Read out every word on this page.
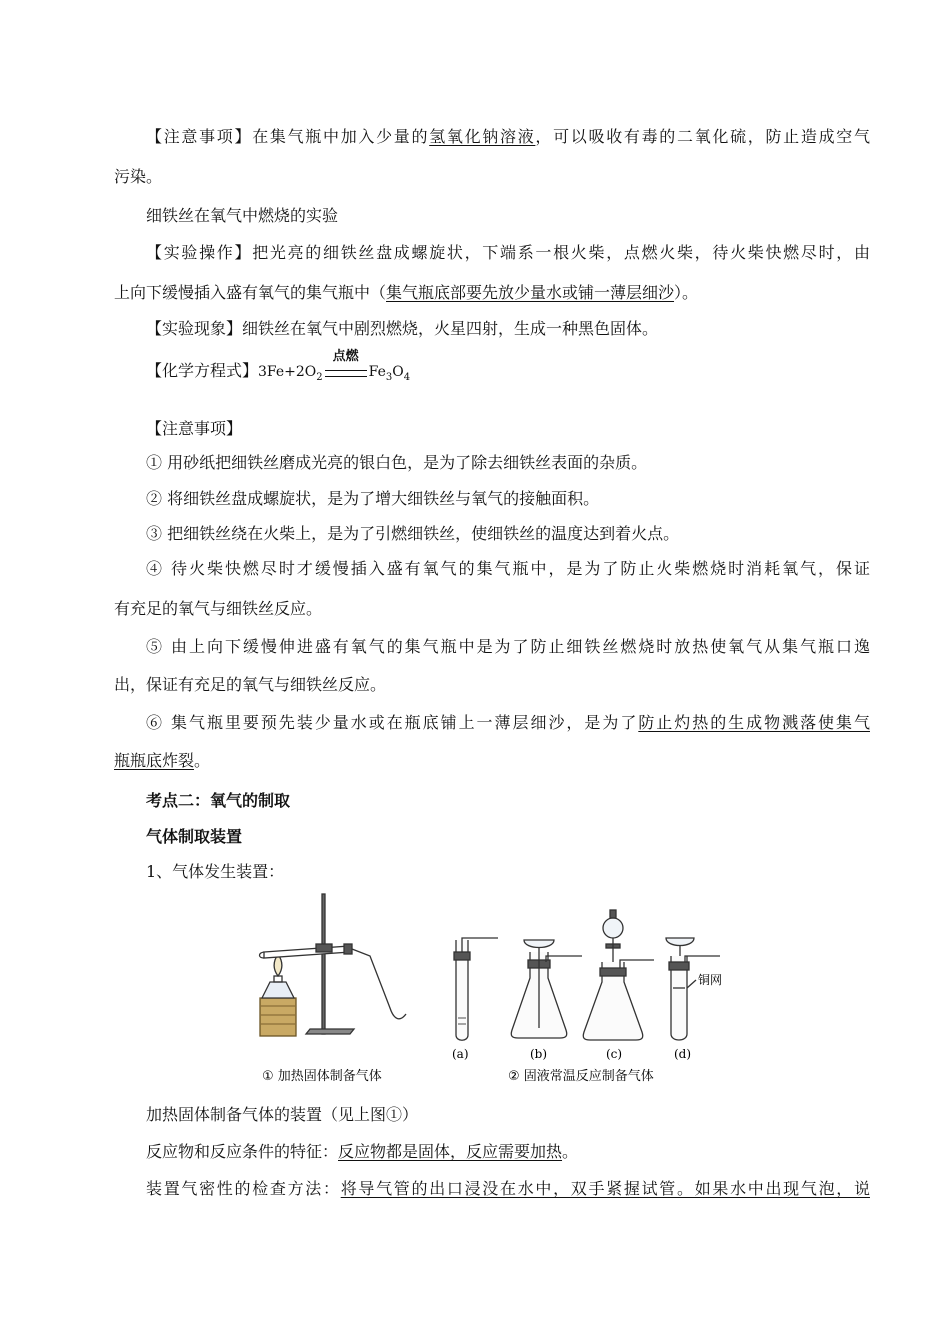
【注意事项】在集气瓶中加入少量的氢氧化钠溶液，可以吸收有毒的二氧化硫，防止造成空气
污染。
细铁丝在氧气中燃烧的实验
【实验操作】把光亮的细铁丝盘成螺旋状，下端系一根火柴，点燃火柴，待火柴快燃尽时，由
上向下缓慢插入盛有氧气的集气瓶中（集气瓶底部要先放少量水或铺一薄层细沙）。
【实验现象】细铁丝在氧气中剧烈燃烧，火星四射，生成一种黑色固体。
【化学方程式】$3Fe+2O_2$
点燃
$Fe_3O_4$
【注意事项】
① 用砂纸把细铁丝磨成光亮的银白色，是为了除去细铁丝表面的杂质。
② 将细铁丝盘成螺旋状，是为了增大细铁丝与氧气的接触面积。
③ 把细铁丝绕在火柴上，是为了引燃细铁丝，使细铁丝的温度达到着火点。
④ 待火柴快燃尽时才缓慢插入盛有氧气的集气瓶中，是为了防止火柴燃烧时消耗氧气，保证
有充足的氧气与细铁丝反应。
⑤ 由上向下缓慢伸进盛有氧气的集气瓶中是为了防止细铁丝燃烧时放热使氧气从集气瓶口逸
出，保证有充足的氧气与细铁丝反应。
⑥ 集气瓶里要预先装少量水或在瓶底铺上一薄层细沙，是为了防止灼热的生成物溅落使集气
瓶瓶底炸裂。
考点二：氧气的制取
气体制取装置
1、气体发生装置：
铜网
(a)	(b)	(c)	(d)
① 加热固体制备气体	② 固液常温反应制备气体
加热固体制备气体的装置（见上图①）
反应物和反应条件的特征：反应物都是固体，反应需要加热。
装置气密性的检查方法：将导气管的出口浸没在水中，双手紧握试管。如果水中出现气泡，说
